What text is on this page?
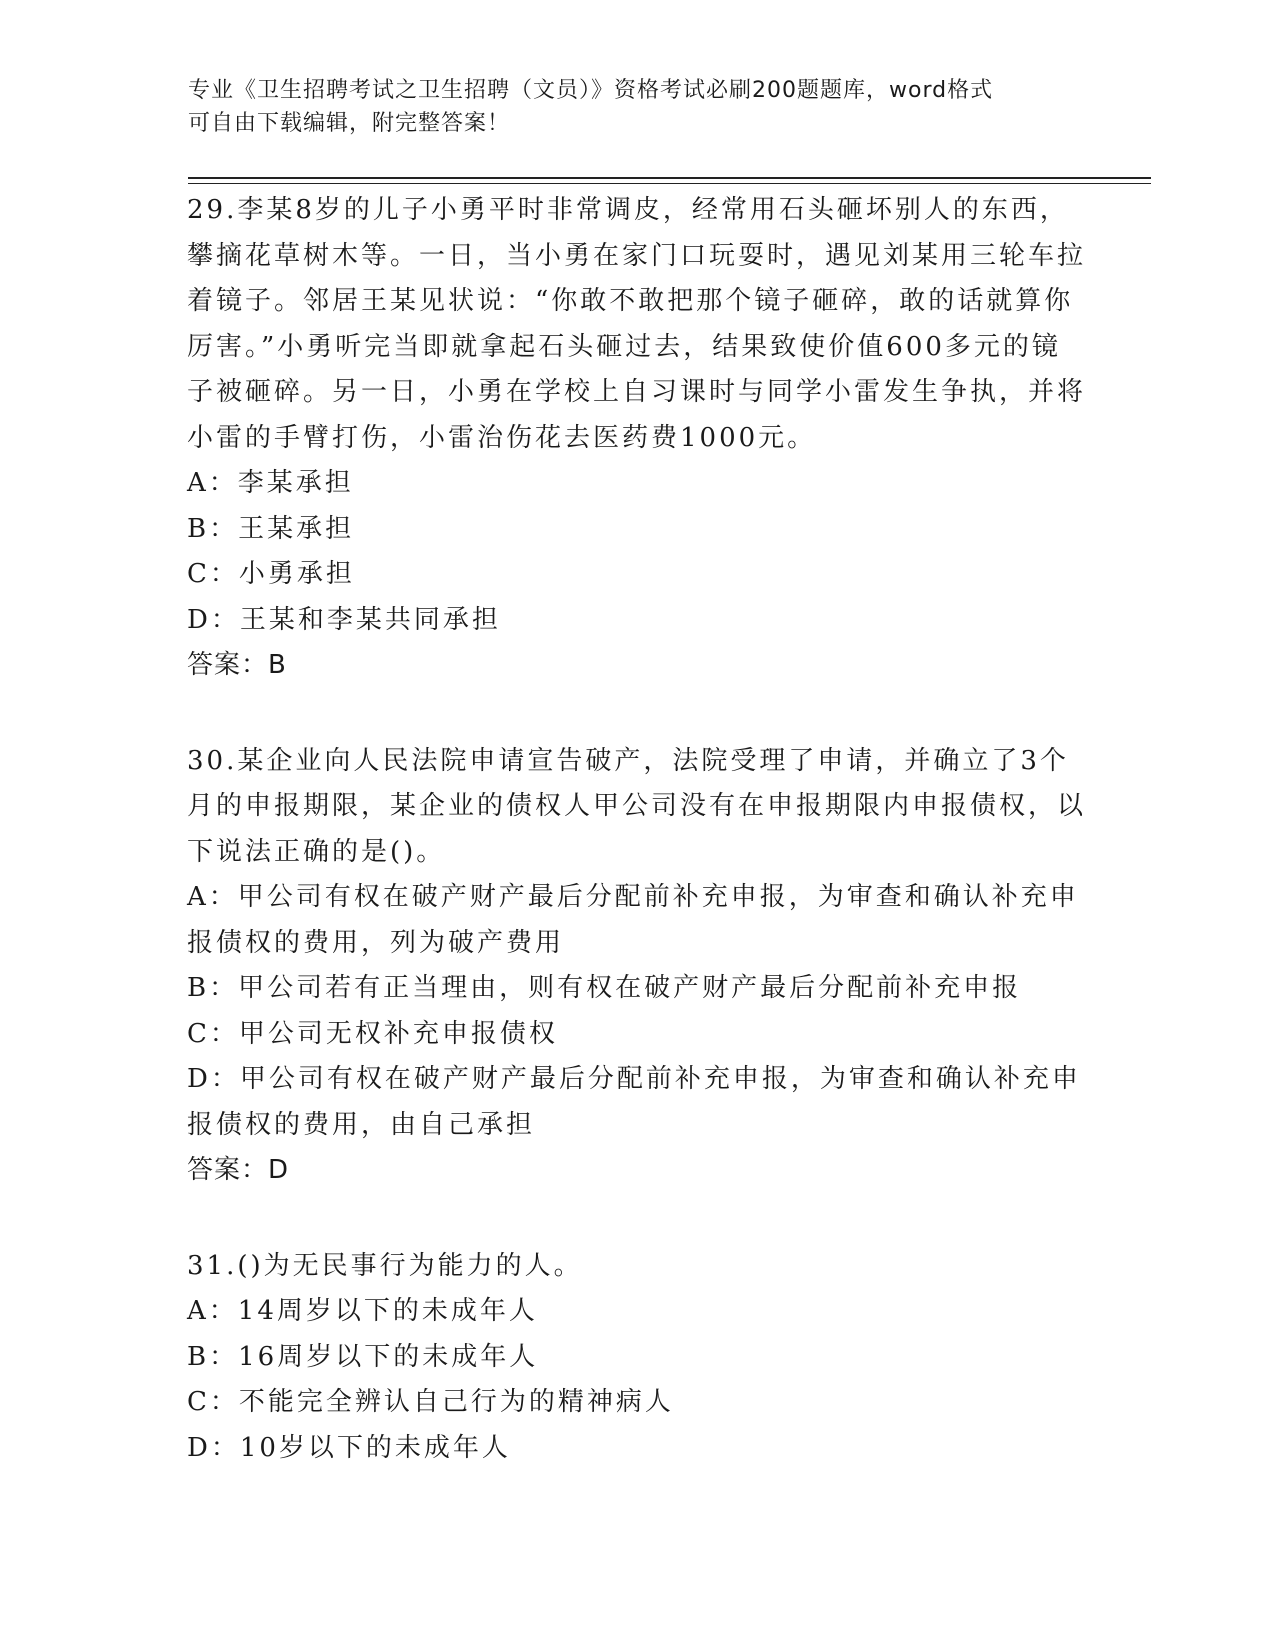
专业《卫生招聘考试之卫生招聘（文员）》资格考试必刷200题题库，word格式
可自由下载编辑，附完整答案！

29.李某8岁的儿子小勇平时非常调皮，经常用石头砸坏别人的东西，攀摘花草树木等。一日，当小勇在家门口玩耍时，遇见刘某用三轮车拉着镜子。邻居王某见状说：“你敢不敢把那个镜子砸碎，敢的话就算你厉害。”小勇听完当即就拿起石头砸过去，结果致使价值600多元的镜子被砸碎。另一日，小勇在学校上自习课时与同学小雷发生争执，并将小雷的手臂打伤，小雷治伤花去医药费1000元。

A：李某承担

B：王某承担

C：小勇承担

D：王某和李某共同承担

答案：B

30.某企业向人民法院申请宣告破产，法院受理了申请，并确立了3个月的申报期限，某企业的债权人甲公司没有在申报期限内申报债权，以下说法正确的是()。

A：甲公司有权在破产财产最后分配前补充申报，为审查和确认补充申报债权的费用，列为破产费用

B：甲公司若有正当理由，则有权在破产财产最后分配前补充申报

C：甲公司无权补充申报债权

D：甲公司有权在破产财产最后分配前补充申报，为审查和确认补充申报债权的费用，由自己承担

答案：D

31.()为无民事行为能力的人。

A：14周岁以下的未成年人

B：16周岁以下的未成年人

C：不能完全辨认自己行为的精神病人

D：10岁以下的未成年人
